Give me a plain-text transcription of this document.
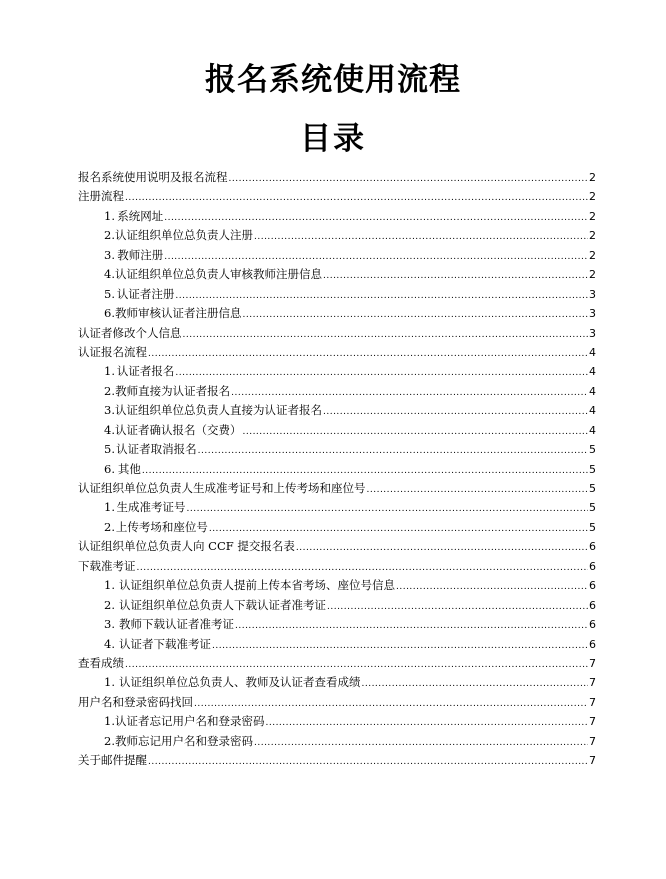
报名系统使用流程
目录
报名系统使用说明及报名流程 .....	2
注册流程 .....	2
1. 系统网址 .....	2
2. 认证组织单位总负责人注册 .....	2
3. 教师注册 .....	2
4. 认证组织单位总负责人审核教师注册信息 .....	2
5. 认证者注册 .....	3
6. 教师审核认证者注册信息 .....	3
认证者修改个人信息 .....	3
认证报名流程 .....	4
1. 认证者报名 .....	4
2. 教师直接为认证者报名 .....	4
3. 认证组织单位总负责人直接为认证者报名 .....	4
4. 认证者确认报名（交费） .....	4
5. 认证者取消报名 .....	5
6. 其他 .....	5
认证组织单位总负责人生成准考证号和上传考场和座位号 .....	5
1. 生成准考证号 .....	5
2. 上传考场和座位号 .....	5
认证组织单位总负责人向 CCF 提交报名表 .....	6
下载准考证 .....	6
1. 认证组织单位总负责人提前上传本省考场、座位号信息 .....	6
2. 认证组织单位总负责人下载认证者准考证 .....	6
3. 教师下载认证者准考证 .....	6
4. 认证者下载准考证 .....	6
查看成绩 .....	7
1. 认证组织单位总负责人、教师及认证者查看成绩 .....	7
用户名和登录密码找回 .....	7
1. 认证者忘记用户名和登录密码 .....	7
2. 教师忘记用户名和登录密码 .....	7
关于邮件提醒 .....	7
